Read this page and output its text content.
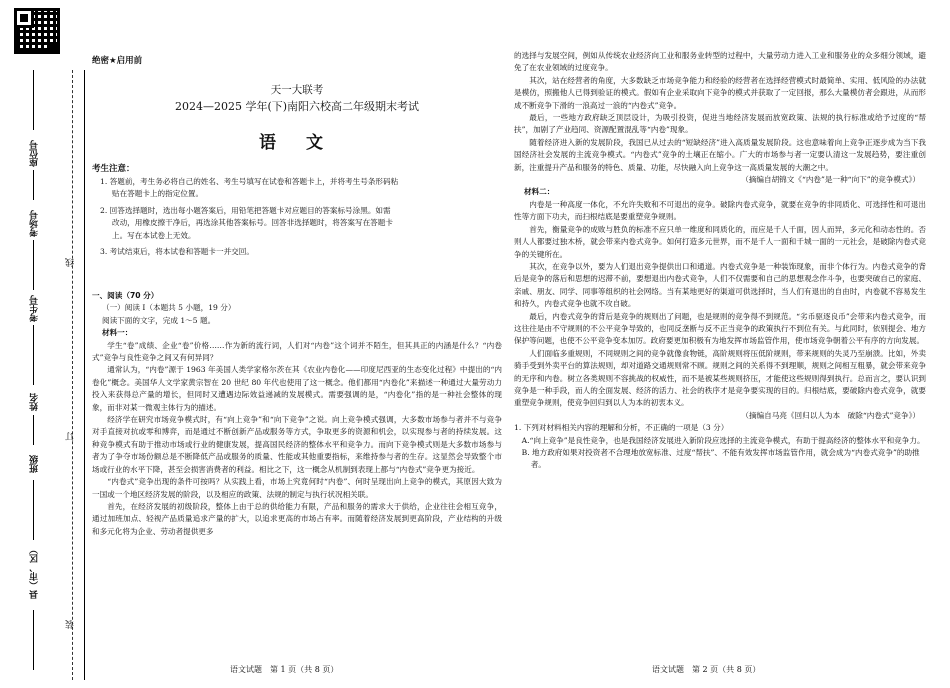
座位号
考场号
考生号
姓名
班级
县（市、区）
线
订
装
绝密★启用前
天一大联考
2024—2025 学年(下)南阳六校高二年级期末考试
语 文
考生注意：
1. 答题前，考生务必将自己的姓名、考生号填写在试卷和答题卡上，并将考生号条形码粘
贴在答题卡上的指定位置。
2. 回答选择题时，选出每小题答案后，用铅笔把答题卡对应题目的答案标号涂黑。如需
改动，用橡皮擦干净后，再选涂其他答案标号。回答非选择题时，将答案写在答题卡
上。写在本试卷上无效。
3. 考试结束后，将本试卷和答题卡一并交回。
一、阅读（70 分）
（一）阅读 I（本题共 5 小题，19 分）
阅读下面的文字，完成 1～5 题。
材料一：
学生“卷”成绩、企业“卷”价格……作为新的流行词，人们对“内卷”这个词并不陌生，但其具正的内涵是什么？“内卷式”竞争与良性竞争之间又有何异同？
通常认为，“内卷”源于 1963 年美国人类学家格尔茨在其《农业内卷化——印度尼西亚的生态变化过程》中提出的“内卷化”概念。美国华人文学家黄宗智在 20 世纪 80 年代也使用了这一概念。他们都用“内卷化”来描述一种通过大量劳动力投入来获得总产量的增长，但同时又遭遇边际效益递减的发展模式。需要强调的是，“内卷化”指的是一种社会整体的现象，而非对某一微观主体行为的描述。
经济学在研究市场竞争模式时，有“向上竞争”和“向下竞争”之说。向上竞争模式强调，大多数市场参与者并不与竞争对手直接对抗或零和博弈，而是通过不断创新产品或服务等方式，争取更多的资源和机会，以实现参与者的持续发展。这种竞争模式有助于推动市场或行业的健康发展，提高国民经济的整体水平和竞争力。而向下竞争模式则是大多数市场参与者为了争夺市场份额总是不断降低产品或服务的质量、性能或其他重要指标，来维持参与者的生存。这显然会导致整个市场或行业的水平下降，甚至会损害消费者的利益。相比之下，这一概念从机制到表现上都与“内卷式”竞争更为接近。
“内卷式”竞争出现的条件可按吗？从实践上看，市场上究竟何时“内卷”、何时呈现出向上竞争的模式，其原因大致为一国或一个地区经济发展的阶段，以及相应的政策、法规的制定与执行状况相关联。
首先，在经济发展的初级阶段，整体上由于总的供给能力有限，产品和服务的需求大于供给，企业往往会相互竞争，通过加班加点、轻视产品质量追求产量的扩大，以追求更高的市场占有率。而随着经济发展到更高阶段，产业结构的升级和多元化将为企业、劳动者提供更多
的选择与发展空间，例如从传统农业经济向工业和服务业转型的过程中，大量劳动力进入工业和服务业的众多细分领域，避免了在农业领域的过度竞争。
其次，站在经营者的角度，大多数缺乏市场竞争能力和经验的经营者在选择经营模式时最简单、实用、低风险的办法就是模仿，照搬他人已得到验证的模式。假如有企业采取向下竞争的模式并获取了一定回报，那么大量模仿者会跟进，从而形成不断竞争下滑的一浪高过一浪的“内卷式”竞争。
最后，一些地方政府缺乏顶层设计，为吸引投资，促进当地经济发展而放宽政策、法规的执行标准或给予过度的“帮扶”，加剧了产业趋同、资源配置混乱等“内卷”现象。
随着经济进入新的发展阶段，我国已从过去的“短缺经济”进入高质量发展阶段。这也意味着向上竞争正逐步成为当下我国经济社会发展的主流竞争模式。“内卷式”竞争的土壤正在缩小。广大的市场参与者一定要认清这一发展趋势，要注重创新，注重提升产品和服务的特色、质量、功能，尽快融入向上竞争这一高质量发展的大潮之中。
（摘编自胡锦文《“内卷”是一种“向下”的竞争模式》）
材料二：
内卷是一种高度一体化，不允许失败和不可退出的竞争。破除内卷式竞争，就要在竞争的非同质化、可选择性和可退出性等方面下功夫，而扫根结底是要重塑竞争规则。
首先，衡量竞争的成败与胜负的标准不应只单一维度和同质化的，而应是千人千面，因人而异，多元化和动态性的。否则人人都要过独木桥，就会带来内卷式竞争。如何打造多元世界，而不是千人一面和千城一面的一元社会，是破除内卷式竞争的关键所在。
其次，在竞争以外，要为人们退出竞争提供出口和通道。内卷式竞争是一种装饰现象，而非个体行为。内卷式竞争的背后是竞争的落后和思想的迟滞不前，要想退出内卷式竞争，人们不仅需要和自己的思想观念作斗争，也要突破自己的家庭、亲戚、朋友、同学、同事等组织的社会网络。当有某地更好的渠道可供选择时，当人们有退出的自由时，内卷就不容易发生和持久，内卷式竞争也就不攻自破。
最后，内卷式竞争的背后是竞争的规则出了问题，也是规则的竞争得不到规范。“劣币驱逐良币”会带来内卷式竞争，而这往往是由不守规则的不公平竞争导致的，也同反垄断与反不正当竞争的政策执行不到位有关。与此同时，依别提会、地方保护等问题，也使不公平竞争变本加厉。政府要更加积极有为地发挥市场监管作用，使市场竞争朝着公平有序的方向发展。
人们面临多重规则，不同规则之间的竞争就像食物链，高阶规则将压低阶规则，带来规则的失灵乃至崩溃。比如，外卖骑手受到外卖平台的算法规则，却对道路交通规则常不顾。规则之间的关系得不到理顺，规则之间相互粗暴，就会带来竞争的无序和内卷。树立各类规则不容挑战的权威性，而不是被某些规则挤压，才能使这些规则得到执行。总而言之，要认识到竞争是一种手段，而人的全面发展、经济的活力、社会的秩序才是竞争要实现的目的。归根结底，要破除内卷式竞争，就要重塑竞争规则，使竞争回归到以人为本的初衷本义。
（摘编自马亮《回归以人为本　破除“内卷式”竞争》）
1. 下列对材料相关内容的理解和分析，不正确的一项是（3 分）
A.“向上竞争”是良性竞争，也是我国经济发展进入新阶段应选择的主流竞争模式，有助于提高经济的整体水平和竞争力。
B. 地方政府如果对投资者不合理地放宽标准、过度“帮扶”、不能有效发挥市场监管作用，就会成为“内卷式竞争”的助推者。
语文试题　第 1 页（共 8 页）	语文试题　第 2 页（共 8 页）
